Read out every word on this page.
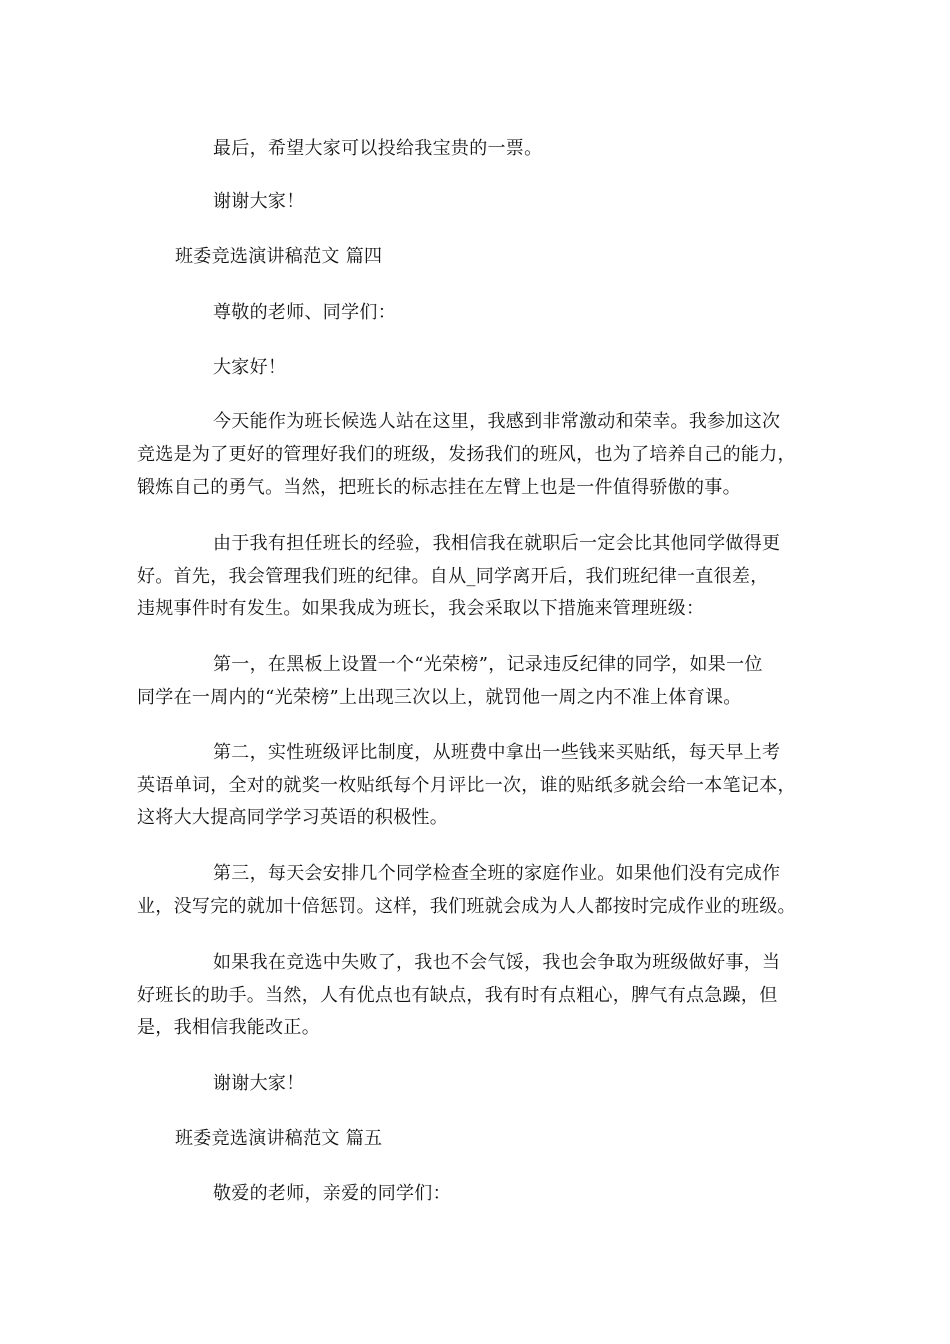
最后，希望大家可以投给我宝贵的一票。
谢谢大家！
班委竞选演讲稿范文 篇四
尊敬的老师、同学们：
大家好！
今天能作为班长候选人站在这里，我感到非常激动和荣幸。我参加这次
竞选是为了更好的管理好我们的班级，发扬我们的班风，也为了培养自己的能力，
锻炼自己的勇气。当然，把班长的标志挂在左臂上也是一件值得骄傲的事。
由于我有担任班长的经验，我相信我在就职后一定会比其他同学做得更
好。首先，我会管理我们班的纪律。自从_同学离开后，我们班纪律一直很差，
违规事件时有发生。如果我成为班长，我会采取以下措施来管理班级：
第一，在黑板上设置一个“光荣榜”，记录违反纪律的同学，如果一位
同学在一周内的“光荣榜”上出现三次以上，就罚他一周之内不准上体育课。
第二，实性班级评比制度，从班费中拿出一些钱来买贴纸，每天早上考
英语单词，全对的就奖一枚贴纸每个月评比一次，谁的贴纸多就会给一本笔记本，
这将大大提高同学学习英语的积极性。
第三，每天会安排几个同学检查全班的家庭作业。如果他们没有完成作
业，没写完的就加十倍惩罚。这样，我们班就会成为人人都按时完成作业的班级。
如果我在竞选中失败了，我也不会气馁，我也会争取为班级做好事，当
好班长的助手。当然，人有优点也有缺点，我有时有点粗心，脾气有点急躁，但
是，我相信我能改正。
谢谢大家！
班委竞选演讲稿范文 篇五
敬爱的老师，亲爱的同学们：
